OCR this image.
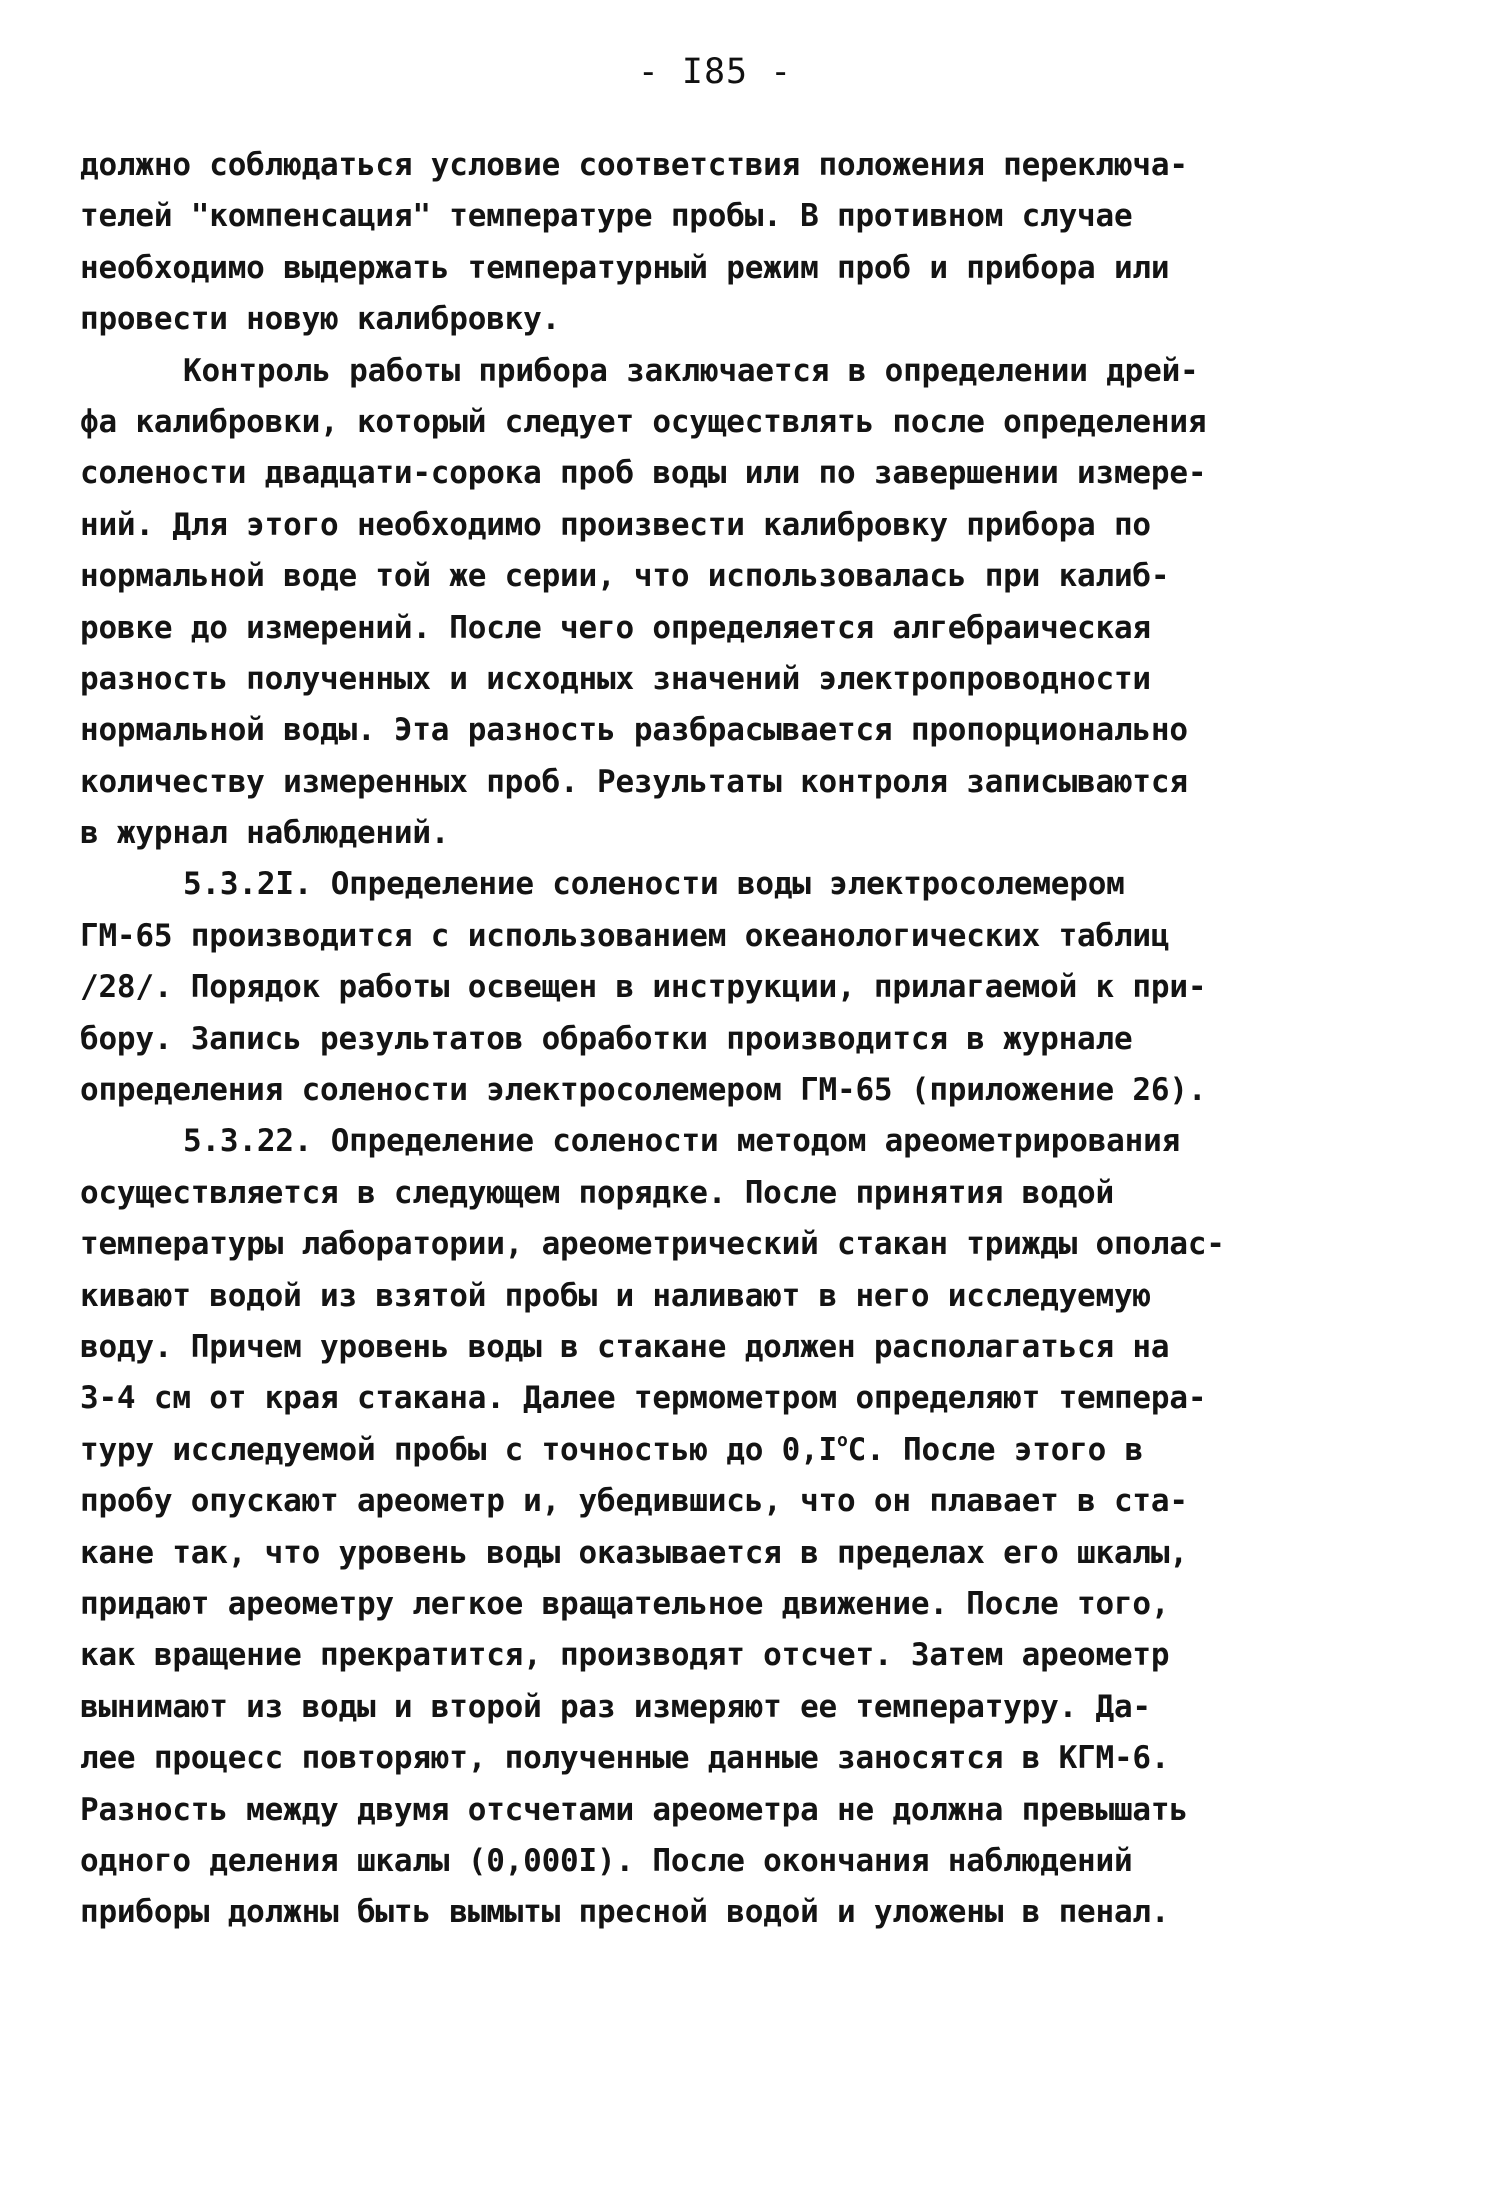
- I85 -
должно соблюдаться условие соответствия положения переключа-
телей "компенсация" температуре пробы. В противном случае
необходимо выдержать температурный режим проб и прибора или
провести новую калибровку.
Контроль работы прибора заключается в определении дрей-
фа калибровки, который следует осуществлять после определения
солености двадцати-сорока проб воды или по завершении измере-
ний. Для этого необходимо произвести калибровку прибора по
нормальной воде той же серии, что использовалась при калиб-
ровке до измерений. После чего определяется алгебраическая
разность полученных и исходных значений электропроводности
нормальной воды. Эта разность разбрасывается пропорционально
количеству измеренных проб. Результаты контроля записываются
в журнал наблюдений.
5.3.2I. Определение солености воды электросолемером
ГМ-65 производится с использованием океанологических таблиц
/28/. Порядок работы освещен в инструкции, прилагаемой к при-
бору. Запись результатов обработки производится в журнале
определения солености электросолемером ГМ-65 (приложение 26).
5.3.22. Определение солености методом ареометрирования
осуществляется в следующем порядке. После принятия водой
температуры лаборатории, ареометрический стакан трижды ополас-
кивают водой из взятой пробы и наливают в него исследуемую
воду. Причем уровень воды в стакане должен располагаться на
3-4 см от края стакана. Далее термометром определяют темпера-
туру исследуемой пробы с точностью до $0,I^oC$. После этого в
пробу опускают ареометр и, убедившись, что он плавает в ста-
кане так, что уровень воды оказывается в пределах его шкалы,
придают ареометру легкое вращательное движение. После того,
как вращение прекратится, производят отсчет. Затем ареометр
вынимают из воды и второй раз измеряют ее температуру. Да-
лее процесс повторяют, полученные данные заносятся в КГМ-6.
Разность между двумя отсчетами ареометра не должна превышать
одного деления шкалы (0,000I). После окончания наблюдений
приборы должны быть вымыты пресной водой и уложены в пенал.
